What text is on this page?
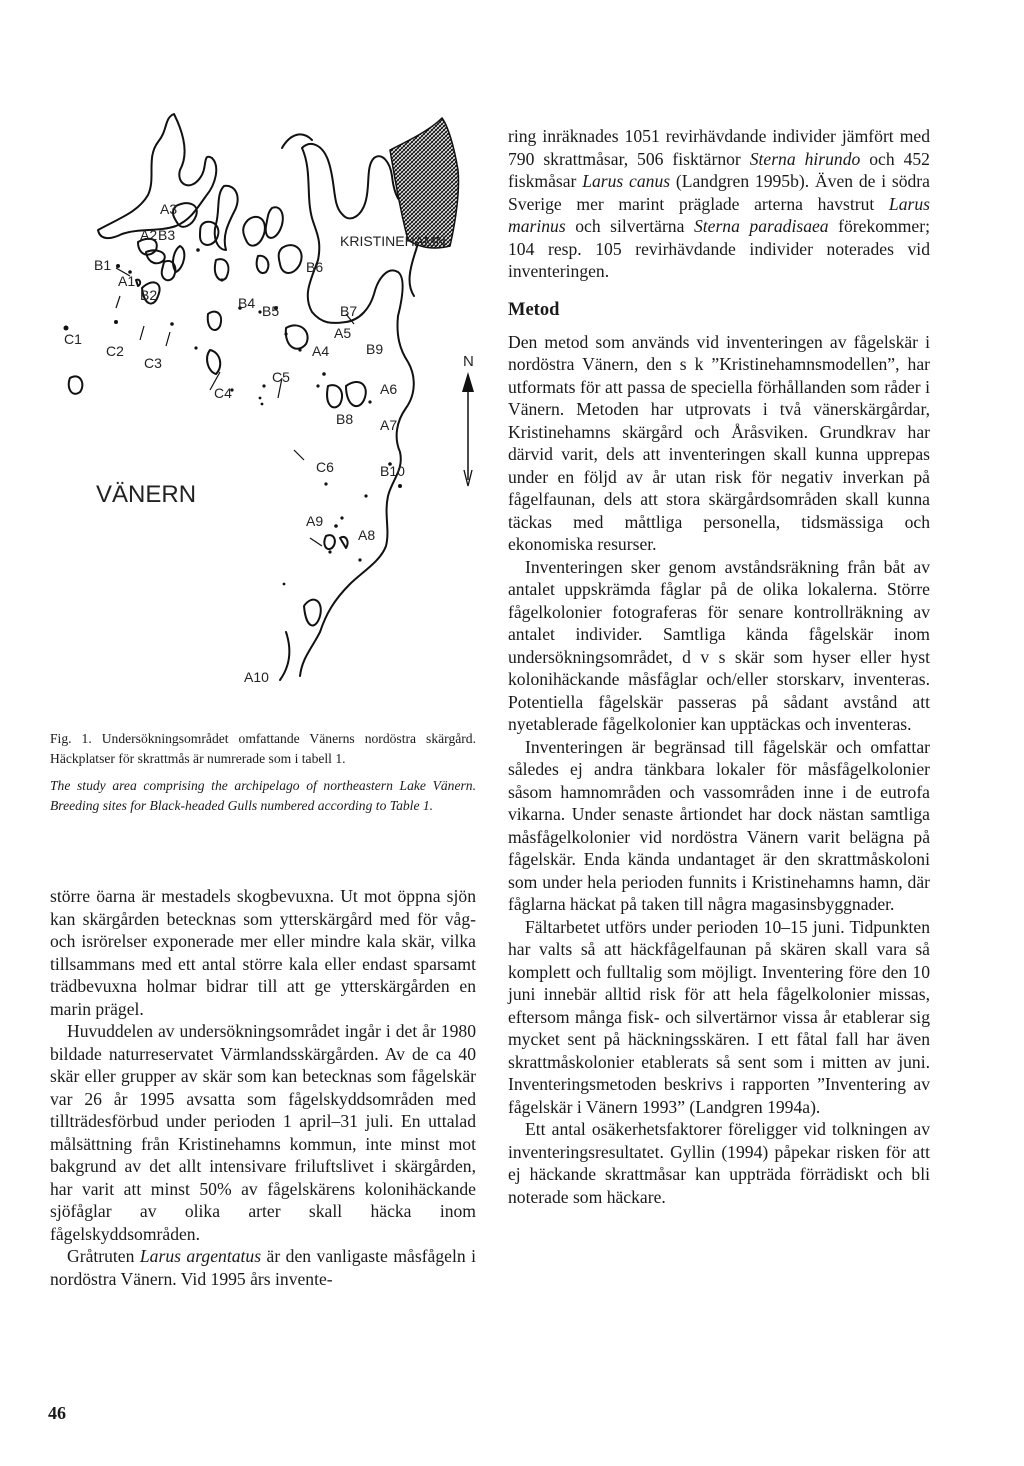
N
VÄNERN
KRISTINEHAMN
A3
A2 B3
B1
A1
B2
C1
C2
C3
C4
B4 B5
B6
B7
A5
A4	B9
C5
A6
B8 A7
C6	B10
A9
A8
A10

Fig. 1. Undersökningsområdet omfattande Vänerns nordöstra skärgård. Häckplatser för skrattmås är numrerade som i tabell 1.

The study area comprising the archipelago of northeastern Lake Vänern. Breeding sites for Black-headed Gulls numbered according to Table 1.

större öarna är mestadels skogbevuxna. Ut mot öppna sjön kan skärgården betecknas som ytterskärgård med för våg- och isrörelser exponerade mer eller mindre kala skär, vilka tillsammans med ett antal större kala eller endast sparsamt trädbevuxna holmar bidrar till att ge ytterskärgården en marin prägel.

Huvuddelen av undersökningsområdet ingår i det år 1980 bildade naturreservatet Värmlandsskärgården. Av de ca 40 skär eller grupper av skär som kan betecknas som fågelskär var 26 år 1995 avsatta som fågelskyddsområden med tillträdesförbud under perioden 1 april–31 juli. En uttalad målsättning från Kristinehamns kommun, inte minst mot bakgrund av det allt intensivare friluftslivet i skärgården, har varit att minst 50% av fågelskärens kolonihäckande sjöfåglar av olika arter skall häcka inom fågelskyddsområden.

Gråtruten Larus argentatus är den vanligaste måsfågeln i nordöstra Vänern. Vid 1995 års invente-

ring inräknades 1051 revirhävdande individer jämfört med 790 skrattmåsar, 506 fisktärnor Sterna hirundo och 452 fiskmåsar Larus canus (Landgren 1995b). Även de i södra Sverige mer marint präglade arterna havstrut Larus marinus och silvertärna Sterna paradisaea förekommer; 104 resp. 105 revirhävdande individer noterades vid inventeringen.

Metod

Den metod som används vid inventeringen av fågelskär i nordöstra Vänern, den s k ”Kristinehamnsmodellen”, har utformats för att passa de speciella förhållanden som råder i Vänern. Metoden har utprovats i två vänerskärgårdar, Kristinehamns skärgård och Åråsviken. Grundkrav har därvid varit, dels att inventeringen skall kunna upprepas under en följd av år utan risk för negativ inverkan på fågelfaunan, dels att stora skärgårdsområden skall kunna täckas med måttliga personella, tidsmässiga och ekonomiska resurser.

Inventeringen sker genom avståndsräkning från båt av antalet uppskrämda fåglar på de olika lokalerna. Större fågelkolonier fotograferas för senare kontrollräkning av antalet individer. Samtliga kända fågelskär inom undersökningsområdet, d v s skär som hyser eller hyst kolonihäckande måsfåglar och/eller storskarv, inventeras. Potentiella fågelskär passeras på sådant avstånd att nyetablerade fågelkolonier kan upptäckas och inventeras.

Inventeringen är begränsad till fågelskär och omfattar således ej andra tänkbara lokaler för måsfågelkolonier såsom hamnområden och vassområden inne i de eutrofa vikarna. Under senaste årtiondet har dock nästan samtliga måsfågelkolonier vid nordöstra Vänern varit belägna på fågelskär. Enda kända undantaget är den skrattmåskoloni som under hela perioden funnits i Kristinehamns hamn, där fåglarna häckat på taken till några magasinsbyggnader.

Fältarbetet utförs under perioden 10–15 juni. Tidpunkten har valts så att häckfågelfaunan på skären skall vara så komplett och fulltalig som möjligt. Inventering före den 10 juni innebär alltid risk för att hela fågelkolonier missas, eftersom många fisk- och silvertärnor vissa år etablerar sig mycket sent på häckningsskären. I ett fåtal fall har även skrattmåskolonier etablerats så sent som i mitten av juni. Inventeringsmetoden beskrivs i rapporten ”Inventering av fågelskär i Vänern 1993” (Landgren 1994a).

Ett antal osäkerhetsfaktorer föreligger vid tolkningen av inventeringsresultatet. Gyllin (1994) påpekar risken för att ej häckande skrattmåsar kan uppträda förrädiskt och bli noterade som häckare.

46
